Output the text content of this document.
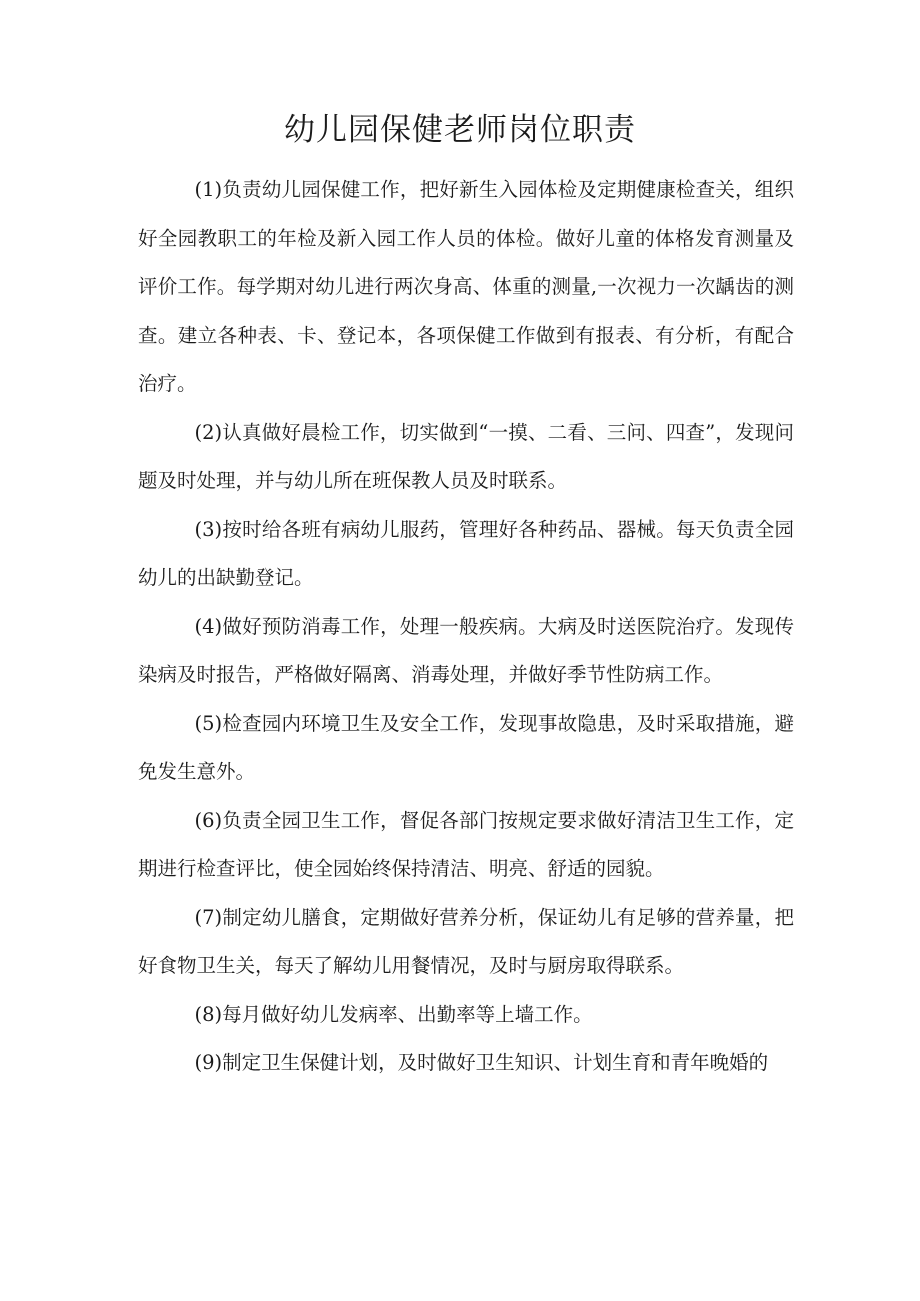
幼儿园保健老师岗位职责

(1)负责幼儿园保健工作，把好新生入园体检及定期健康检查关，组织好全园教职工的年检及新入园工作人员的体检。做好儿童的体格发育测量及评价工作。每学期对幼儿进行两次身高、体重的测量,一次视力一次龋齿的测查。建立各种表、卡、登记本，各项保健工作做到有报表、有分析，有配合治疗。

(2)认真做好晨检工作，切实做到“一摸、二看、三问、四查”，发现问题及时处理，并与幼儿所在班保教人员及时联系。

(3)按时给各班有病幼儿服药，管理好各种药品、器械。每天负责全园幼儿的出缺勤登记。

(4)做好预防消毒工作，处理一般疾病。大病及时送医院治疗。发现传染病及时报告，严格做好隔离、消毒处理，并做好季节性防病工作。

(5)检查园内环境卫生及安全工作，发现事故隐患，及时采取措施，避免发生意外。

(6)负责全园卫生工作，督促各部门按规定要求做好清洁卫生工作，定期进行检查评比，使全园始终保持清洁、明亮、舒适的园貌。

(7)制定幼儿膳食，定期做好营养分析，保证幼儿有足够的营养量，把好食物卫生关，每天了解幼儿用餐情况，及时与厨房取得联系。

(8)每月做好幼儿发病率、出勤率等上墙工作。

(9)制定卫生保健计划，及时做好卫生知识、计划生育和青年晚婚的
